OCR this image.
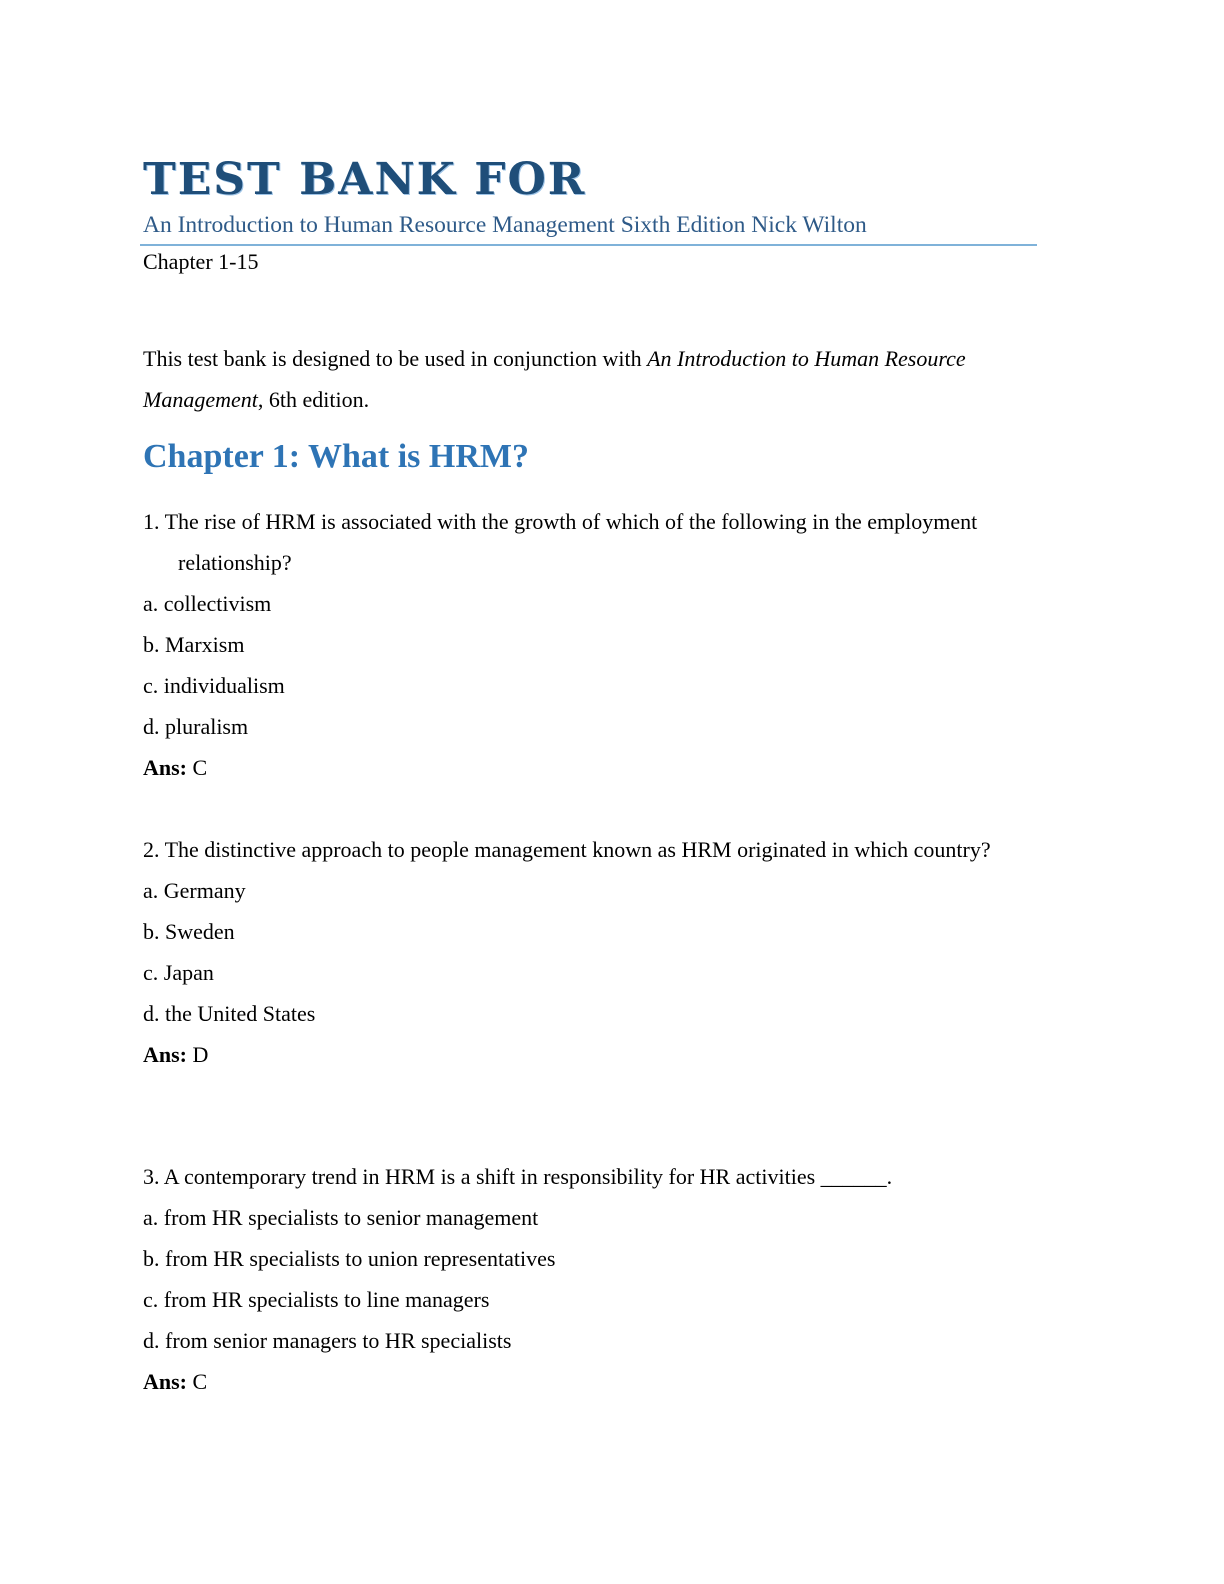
TEST BANK FOR

An Introduction to Human Resource Management Sixth Edition Nick Wilton

Chapter 1-15

This test bank is designed to be used in conjunction with An Introduction to Human Resource Management, 6th edition.

Chapter 1: What is HRM?

1. The rise of HRM is associated with the growth of which of the following in the employment relationship?

a. collectivism

b. Marxism

c. individualism

d. pluralism

Ans: C

2. The distinctive approach to people management known as HRM originated in which country?

a. Germany

b. Sweden

c. Japan

d. the United States

Ans: D

3. A contemporary trend in HRM is a shift in responsibility for HR activities ______.

a. from HR specialists to senior management

b. from HR specialists to union representatives

c. from HR specialists to line managers

d. from senior managers to HR specialists

Ans: C
